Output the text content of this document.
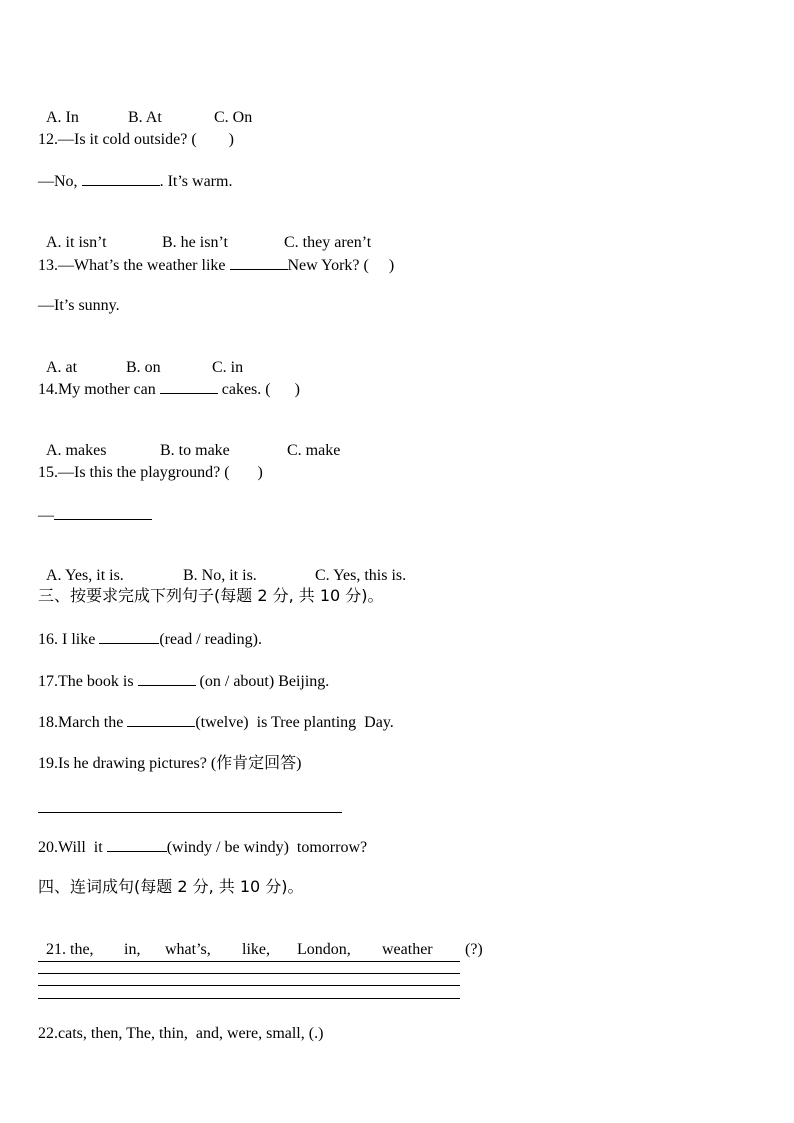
A. In	B. At	C. On

12.—Is it cold outside? (        )
—No,	. It’s warm.

A. it isn’t	B. he isn’t	C. they aren’t

13.—What’s the weather like	New York? (     )
—It’s sunny.

A. at	B. on	C. in

14.My mother can	cakes. (      )

A. makes	B. to make	C. make

15.—Is this the playground? (       )
—

A. Yes, it is.	B. No, it is.	C. Yes, this is.

三、按要求完成下列句子(每题 2 分, 共 10 分)。
16. I like	(read / reading).
17.The book is	(on / about) Beijing.
18.March the	(twelve)  is Tree planting  Day.
19.Is he drawing pictures? (作肯定回答)
20.Will  it	(windy / be windy)  tomorrow?
四、连词成句(每题 2 分, 共 10 分)。

21. the, in, what’s, like, London, weather (?)

22.cats, then, The, thin,  and, were, small, (.)
